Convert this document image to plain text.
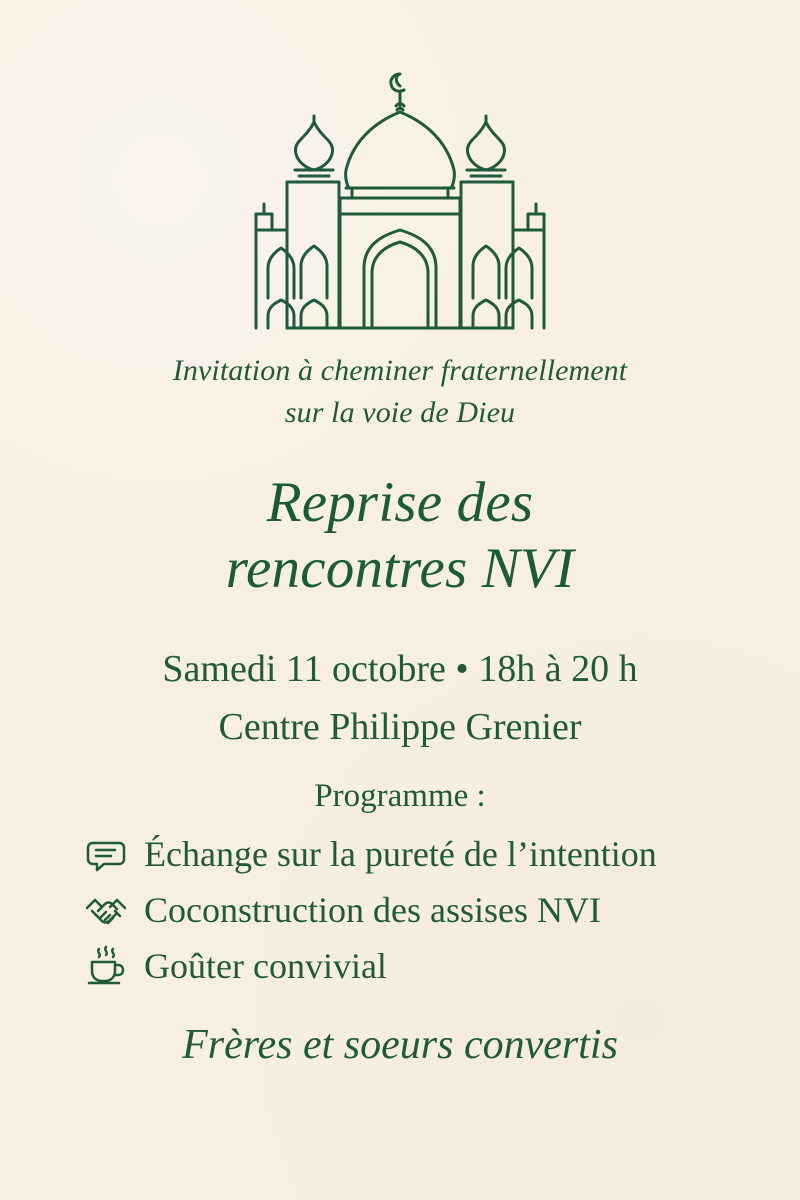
Invitation à cheminer fraternellement
sur la voie de Dieu
Reprise des
rencontres NVI
Samedi 11 octobre • 18h à 20 h
Centre Philippe Grenier
Programme :
Échange sur la pureté de l’intention
Coconstruction des assises NVI
Goûter convivial
Frères et soeurs convertis
